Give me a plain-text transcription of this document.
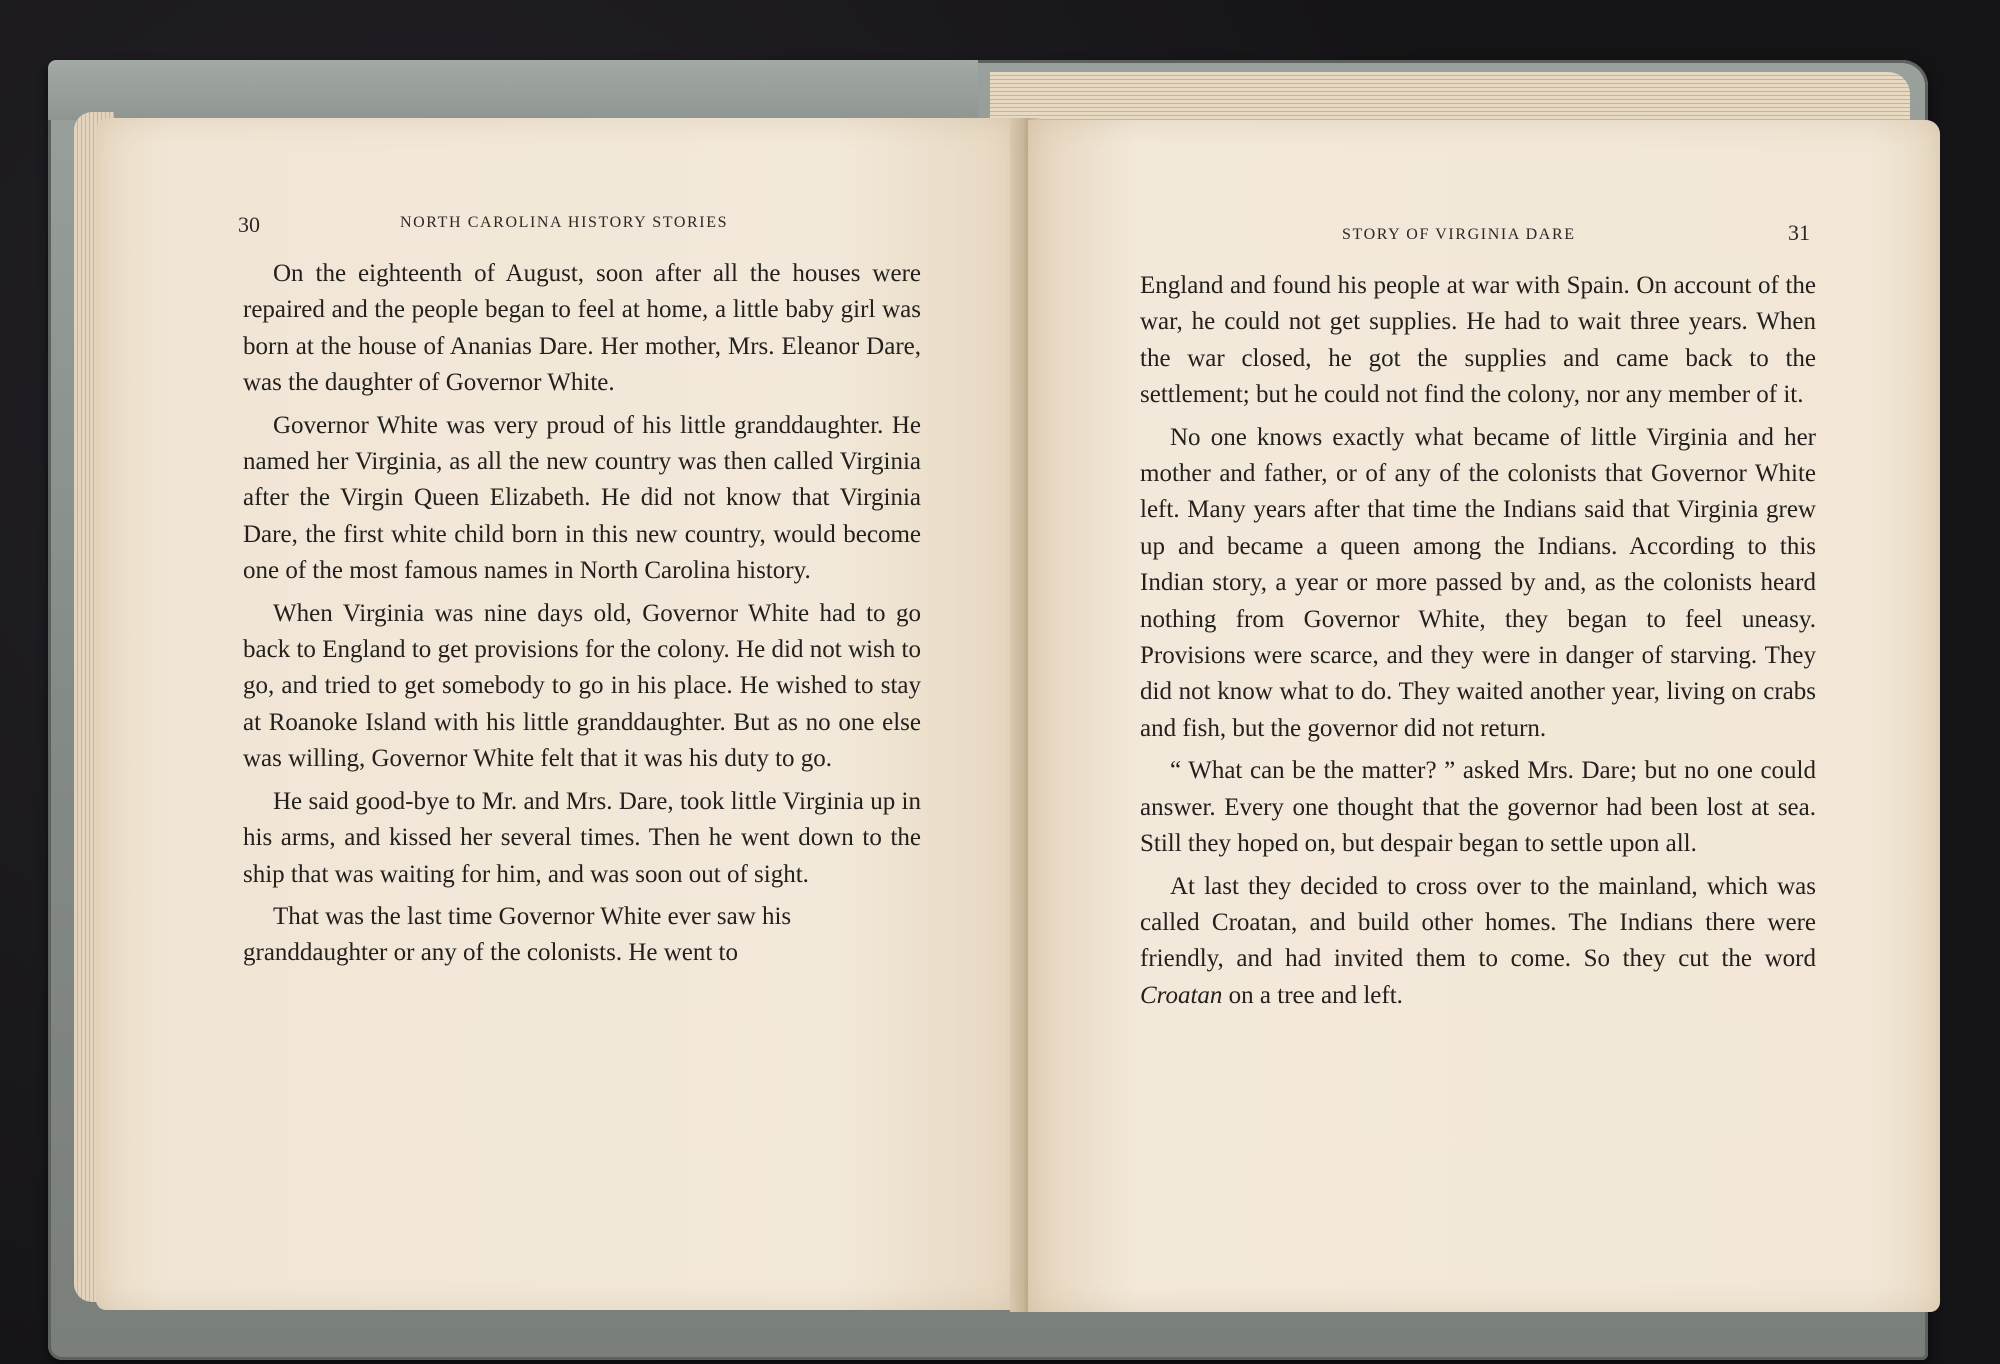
30	NORTH CAROLINA HISTORY STORIES

On the eighteenth of August, soon after all the houses were repaired and the people began to feel at home, a little baby girl was born at the house of Ananias Dare. Her mother, Mrs. Eleanor Dare, was the daughter of Governor White.

Governor White was very proud of his little granddaughter. He named her Virginia, as all the new country was then called Virginia after the Virgin Queen Elizabeth. He did not know that Virginia Dare, the first white child born in this new country, would become one of the most famous names in North Carolina history.

When Virginia was nine days old, Governor White had to go back to England to get provisions for the colony. He did not wish to go, and tried to get somebody to go in his place. He wished to stay at Roanoke Island with his little granddaughter. But as no one else was willing, Governor White felt that it was his duty to go.

He said good-bye to Mr. and Mrs. Dare, took little Virginia up in his arms, and kissed her several times. Then he went down to the ship that was waiting for him, and was soon out of sight.

That was the last time Governor White ever saw his granddaughter or any of the colonists. He went to

STORY OF VIRGINIA DARE	31

England and found his people at war with Spain. On account of the war, he could not get supplies. He had to wait three years. When the war closed, he got the supplies and came back to the settlement; but he could not find the colony, nor any member of it.

No one knows exactly what became of little Virginia and her mother and father, or of any of the colonists that Governor White left. Many years after that time the Indians said that Virginia grew up and became a queen among the Indians. According to this Indian story, a year or more passed by and, as the colonists heard nothing from Governor White, they began to feel uneasy. Provisions were scarce, and they were in danger of starving. They did not know what to do. They waited another year, living on crabs and fish, but the governor did not return.

“ What can be the matter? ” asked Mrs. Dare; but no one could answer. Every one thought that the governor had been lost at sea. Still they hoped on, but despair began to settle upon all.

At last they decided to cross over to the mainland, which was called Croatan, and build other homes. The Indians there were friendly, and had invited them to come. So they cut the word Croatan on a tree and left.
